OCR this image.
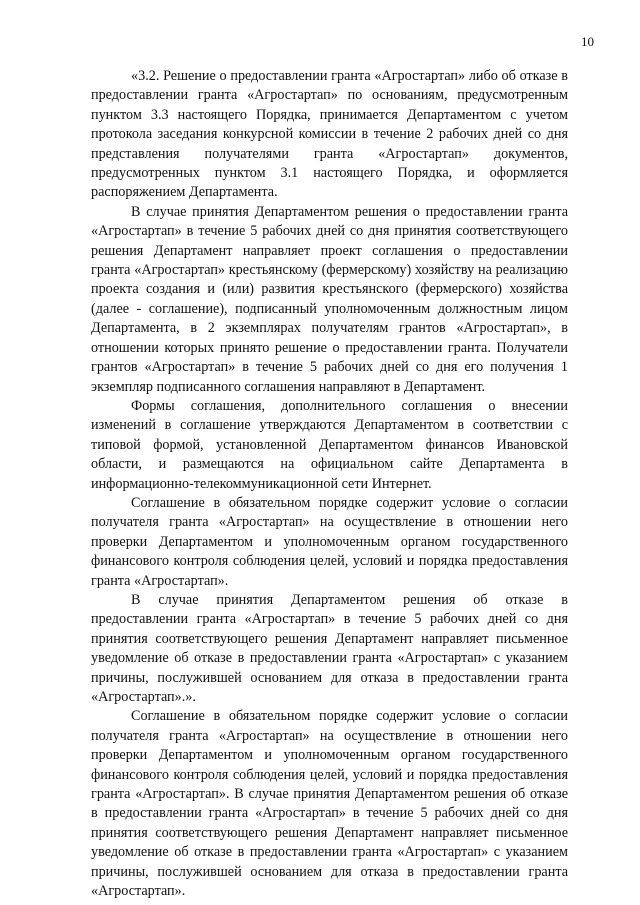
10

«3.2. Решение о предоставлении гранта «Агростартап» либо об отказе в предоставлении гранта «Агростартап» по основаниям, предусмотренным пунктом 3.3 настоящего Порядка, принимается Департаментом с учетом протокола заседания конкурсной комиссии в течение 2 рабочих дней со дня представления получателями гранта «Агростартап» документов, предусмотренных пунктом 3.1 настоящего Порядка, и оформляется распоряжением Департамента.

В случае принятия Департаментом решения о предоставлении гранта «Агростартап» в течение 5 рабочих дней со дня принятия соответствующего решения Департамент направляет проект соглашения о предоставлении гранта «Агростартап» крестьянскому (фермерскому) хозяйству на реализацию проекта создания и (или) развития крестьянского (фермерского) хозяйства (далее - соглашение), подписанный уполномоченным должностным лицом Департамента, в 2 экземплярах получателям грантов «Агростартап», в отношении которых принято решение о предоставлении гранта. Получатели грантов «Агростартап» в течение 5 рабочих дней со дня его получения 1 экземпляр подписанного соглашения направляют в Департамент.

Формы соглашения, дополнительного соглашения о внесении изменений в соглашение утверждаются Департаментом в соответствии с типовой формой, установленной Департаментом финансов Ивановской области, и размещаются на официальном сайте Департамента в информационно-телекоммуникационной сети Интернет.

Соглашение в обязательном порядке содержит условие о согласии получателя гранта «Агростартап» на осуществление в отношении него проверки Департаментом и уполномоченным органом государственного финансового контроля соблюдения целей, условий и порядка предоставления гранта «Агростартап».

В случае принятия Департаментом решения об отказе в предоставлении гранта «Агростартап» в течение 5 рабочих дней со дня принятия соответствующего решения Департамент направляет письменное уведомление об отказе в предоставлении гранта «Агростартап» с указанием причины, послужившей основанием для отказа в предоставлении гранта «Агростартап».».

Соглашение в обязательном порядке содержит условие о согласии получателя гранта «Агростартап» на осуществление в отношении него проверки Департаментом и уполномоченным органом государственного финансового контроля соблюдения целей, условий и порядка предоставления гранта «Агростартап». В случае принятия Департаментом решения об отказе в предоставлении гранта «Агростартап» в течение 5 рабочих дней со дня принятия соответствующего решения Департамент направляет письменное уведомление об отказе в предоставлении гранта «Агростартап» с указанием причины, послужившей основанием для отказа в предоставлении гранта «Агростартап».
